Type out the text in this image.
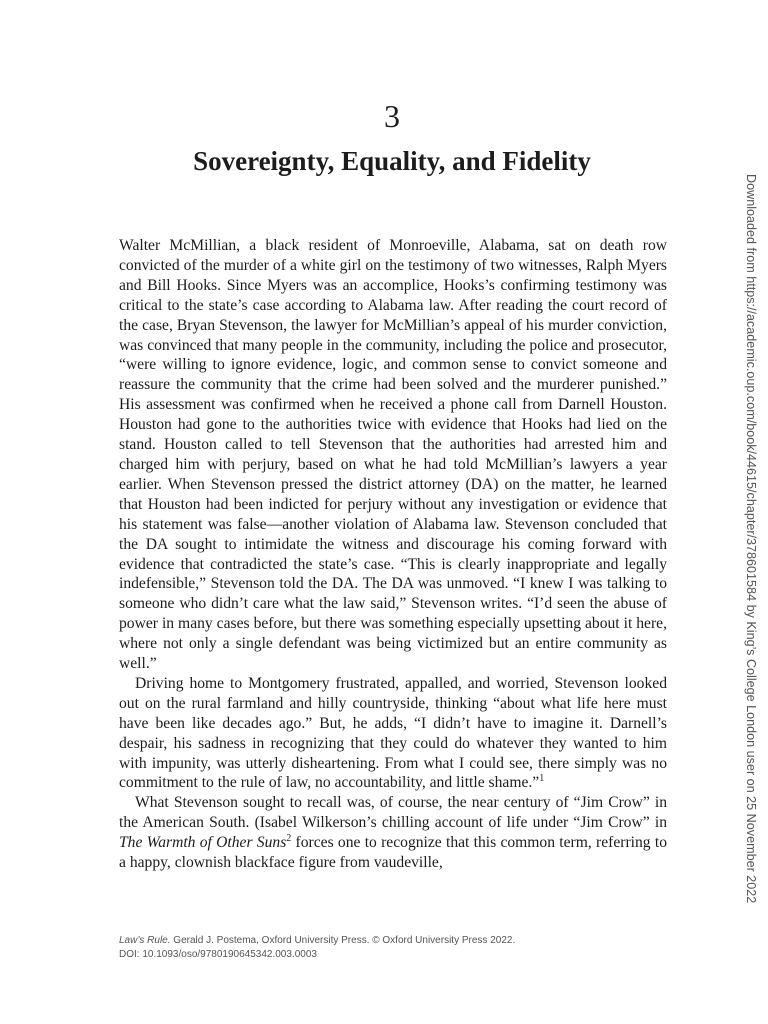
3
Sovereignty, Equality, and Fidelity

Walter McMillian, a black resident of Monroeville, Alabama, sat on death row convicted of the murder of a white girl on the testimony of two witnesses, Ralph Myers and Bill Hooks. Since Myers was an accomplice, Hooks’s confirming testimony was critical to the state’s case according to Alabama law. After reading the court record of the case, Bryan Stevenson, the lawyer for McMillian’s appeal of his murder conviction, was convinced that many people in the community, including the police and prosecutor, “were willing to ignore evidence, logic, and common sense to convict someone and reassure the community that the crime had been solved and the murderer punished.” His assessment was confirmed when he received a phone call from Darnell Houston. Houston had gone to the authorities twice with evidence that Hooks had lied on the stand. Houston called to tell Stevenson that the authorities had arrested him and charged him with perjury, based on what he had told McMillian’s lawyers a year earlier. When Stevenson pressed the district attorney (DA) on the matter, he learned that Houston had been indicted for perjury without any investigation or evidence that his statement was false—another violation of Alabama law. Stevenson concluded that the DA sought to intimidate the witness and discourage his coming forward with evidence that contradicted the state’s case. “This is clearly inappropriate and legally indefensible,” Stevenson told the DA. The DA was unmoved. “I knew I was talking to someone who didn’t care what the law said,” Stevenson writes. “I’d seen the abuse of power in many cases before, but there was something especially upsetting about it here, where not only a single defendant was being victimized but an entire community as well.”

Driving home to Montgomery frustrated, appalled, and worried, Stevenson looked out on the rural farmland and hilly countryside, thinking “about what life here must have been like decades ago.” But, he adds, “I didn’t have to imagine it. Darnell’s despair, his sadness in recognizing that they could do whatever they wanted to him with impunity, was utterly disheartening. From what I could see, there simply was no commitment to the rule of law, no accountability, and little shame.”$^1$

What Stevenson sought to recall was, of course, the near century of “Jim Crow” in the American South. (Isabel Wilkerson’s chilling account of life under “Jim Crow” in The Warmth of Other Suns$^2$ forces one to recognize that this common term, referring to a happy, clownish blackface figure from vaudeville,

Law’s Rule. Gerald J. Postema, Oxford University Press. © Oxford University Press 2022.
DOI: 10.1093/oso/9780190645342.003.0003
Downloaded from https://academic.oup.com/book/44615/chapter/378601584 by King’s College London user on 25 November 2022
